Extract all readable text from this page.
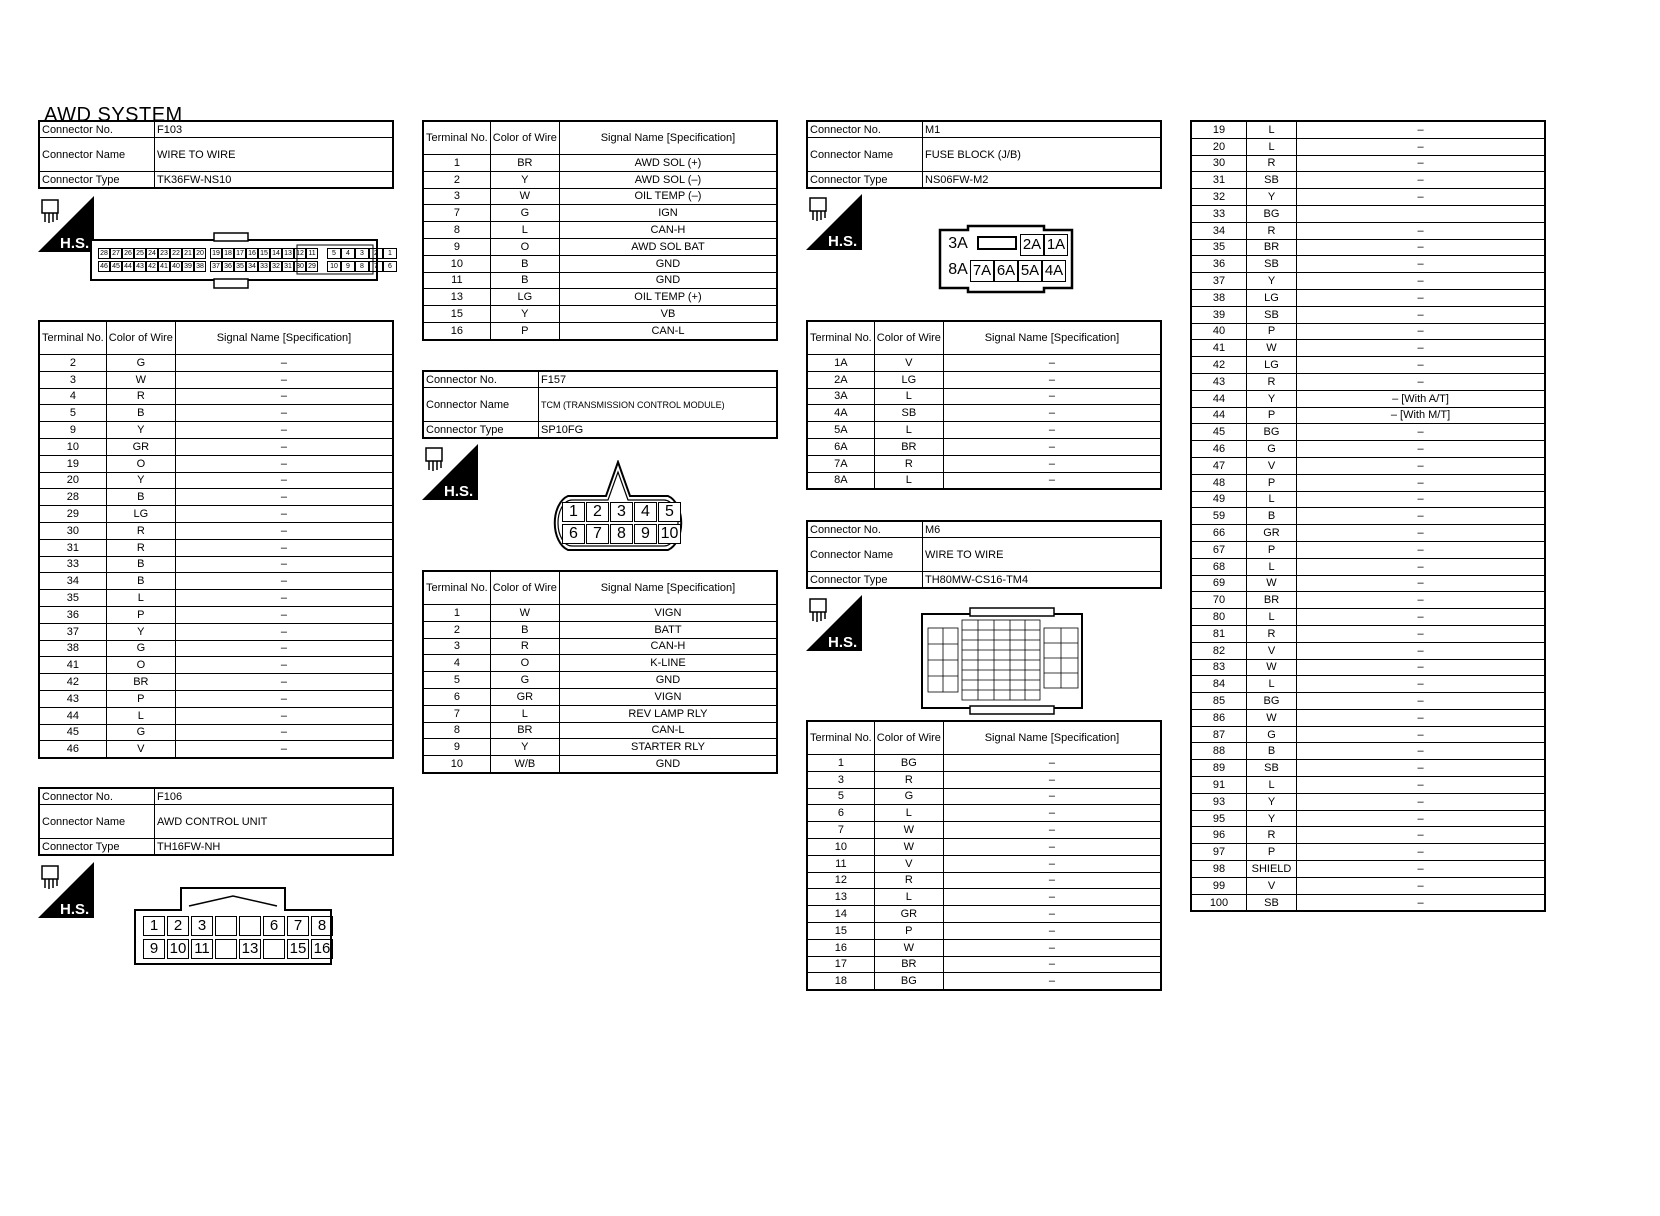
AWD SYSTEM
Connector No.	F103
Connector Name	WIRE TO WIRE
Connector Type	TK36FW-NS10
H.S.
28 27 26 25 24 23 22 21 20
46 45 44 43 42 41 40 39 38
19 18 17 16 15 14 13 12 11
37 36 35 34 33 32 31 30 29
5	4	3	2	1
10	9	8	7	6
Terminal No.	Color of Wire	Signal Name [Specification]
2	G	–
3	W	–
4	R	–
5	B	–
9	Y	–
10	GR	–
19	O	–
20	Y	–
28	B	–
29	LG	–
30	R	–
31	R	–
33	B	–
34	B	–
35	L	–
36	P	–
37	Y	–
38	G	–
41	O	–
42	BR	–
43	P	–
44	L	–
45	G	–
46	V	–
Connector No.	F106
Connector Name	AWD CONTROL UNIT
Connector Type	TH16FW-NH
H.S.
1	2	3	6	7	8
9 10 11 13 15 16
Terminal No.	Color of Wire	Signal Name [Specification]
1	BR	AWD SOL (+)
2	Y	AWD SOL (–)
3	W	OIL TEMP (–)
7	G	IGN
8	L	CAN-H
9	O	AWD SOL BAT
10	B	GND
11	B	GND
13	LG	OIL TEMP (+)
15	Y	VB
16	P	CAN-L
Connector No.	F157
Connector Name	TCM (TRANSMISSION CONTROL MODULE)
Connector Type	SP10FG
H.S.
1 2 3 4 5
6 7 8 9 10
Terminal No.	Color of Wire	Signal Name [Specification]
1	W	VIGN
2	B	BATT
3	R	CAN-H
4	O	K-LINE
5	G	GND
6	GR	VIGN
7	L	REV LAMP RLY
8	BR	CAN-L
9	Y	STARTER RLY
10	W/B	GND
Connector No.	M1
Connector Name	FUSE BLOCK (J/B)
Connector Type	NS06FW-M2
H.S.	3A	2A 1A
8A 7A 6A 5A 4A
Terminal No.	Color of Wire	Signal Name [Specification]
1A	V	–
2A	LG	–
3A	L	–
4A	SB	–
5A	L	–
6A	BR	–
7A	R	–
8A	L	–
Connector No.	M6
Connector Name	WIRE TO WIRE
Connector Type	TH80MW-CS16-TM4
H.S.
Terminal No.	Color of Wire	Signal Name [Specification]
1	BG	–
3	R	–
5	G	–
6	L	–
7	W	–
10	W	–
11	V	–
12	R	–
13	L	–
14	GR	–
15	P	–
16	W	–
17	BR	–
18	BG	–
19	L	–
20	L	–
30	R	–
31	SB	–
32	Y	–
33	BG	
34	R	–
35	BR	–
36	SB	–
37	Y	–
38	LG	–
39	SB	–
40	P	–
41	W	–
42	LG	–
43	R	–
44	Y	– [With A/T]
44	P	– [With M/T]
45	BG	–
46	G	–
47	V	–
48	P	–
49	L	–
59	B	–
66	GR	–
67	P	–
68	L	–
69	W	–
70	BR	–
80	L	–
81	R	–
82	V	–
83	W	–
84	L	–
85	BG	–
86	W	–
87	G	–
88	B	–
89	SB	–
91	L	–
93	Y	–
95	Y	–
96	R	–
97	P	–
98	SHIELD	–
99	V	–
100	SB	–
